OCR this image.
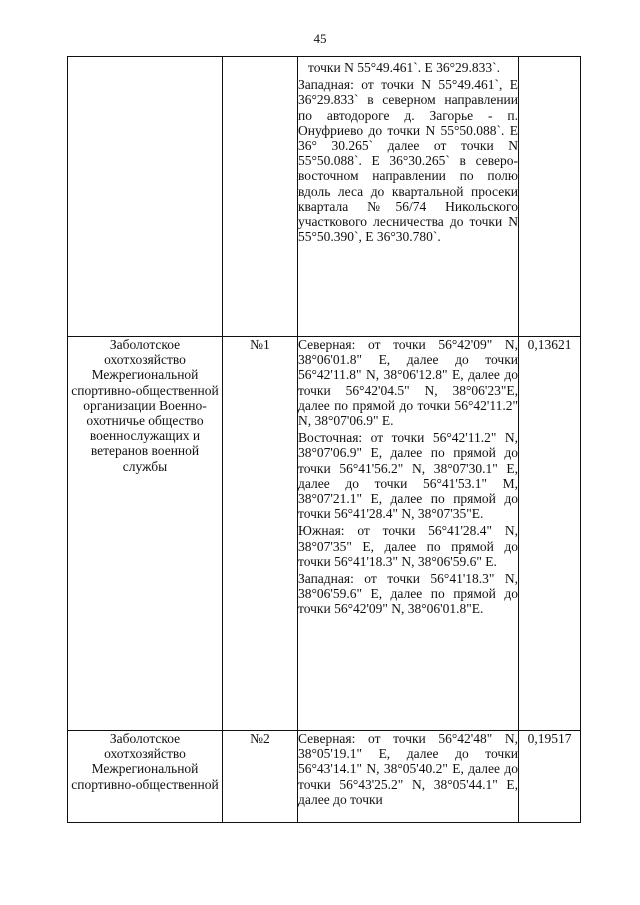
45

		точки N 55°49.461`. E 36°29.833`.
Западная: от точки N 55°49.461`, E 36°29.833` в северном направлении по автодороге д. Загорье - п. Онуфриево до точки N 55°50.088`. E 36° 30.265` далее от точки N 55°50.088`. E 36°30.265` в северо-восточном направлении по полю вдоль леса до квартальной просеки квартала №56/74 Никольского участкового лесничества до точки N 55°50.390`, E 36°30.780`.	

Заболотское охотхозяйство Межрегиональной спортивно-общественной организации Военно-охотничье общество военнослужащих и ветеранов военной службы	№1	Северная: от точки 56°42'09" N, 38°06'01.8" E, далее до точки 56°42'11.8" N, 38°06'12.8" E, далее до точки 56°42'04.5" N, 38°06'23"E, далее по прямой до точки 56°42'11.2" N, 38°07'06.9" E.
Восточная: от точки 56°42'11.2" N, 38°07'06.9" E, далее по прямой до точки 56°41'56.2" N, 38°07'30.1" E, далее до точки 56°41'53.1" M, 38°07'21.1" E, далее по прямой до точки 56°41'28.4" N, 38°07'35"E.
Южная: от точки 56°41'28.4" N, 38°07'35" E, далее по прямой до точки 56°41'18.3" N, 38°06'59.6" E.
Западная: от точки 56°41'18.3" N, 38°06'59.6" E, далее по прямой до точки 56°42'09" N, 38°06'01.8"E.	0,13621

Заболотское охотхозяйство Межрегиональной спортивно-общественной	№2	Северная: от точки 56°42'48" N, 38°05'19.1" E, далее до точки 56°43'14.1" N, 38°05'40.2" E, далее до точки 56°43'25.2" N, 38°05'44.1" E, далее до точки	0,19517
